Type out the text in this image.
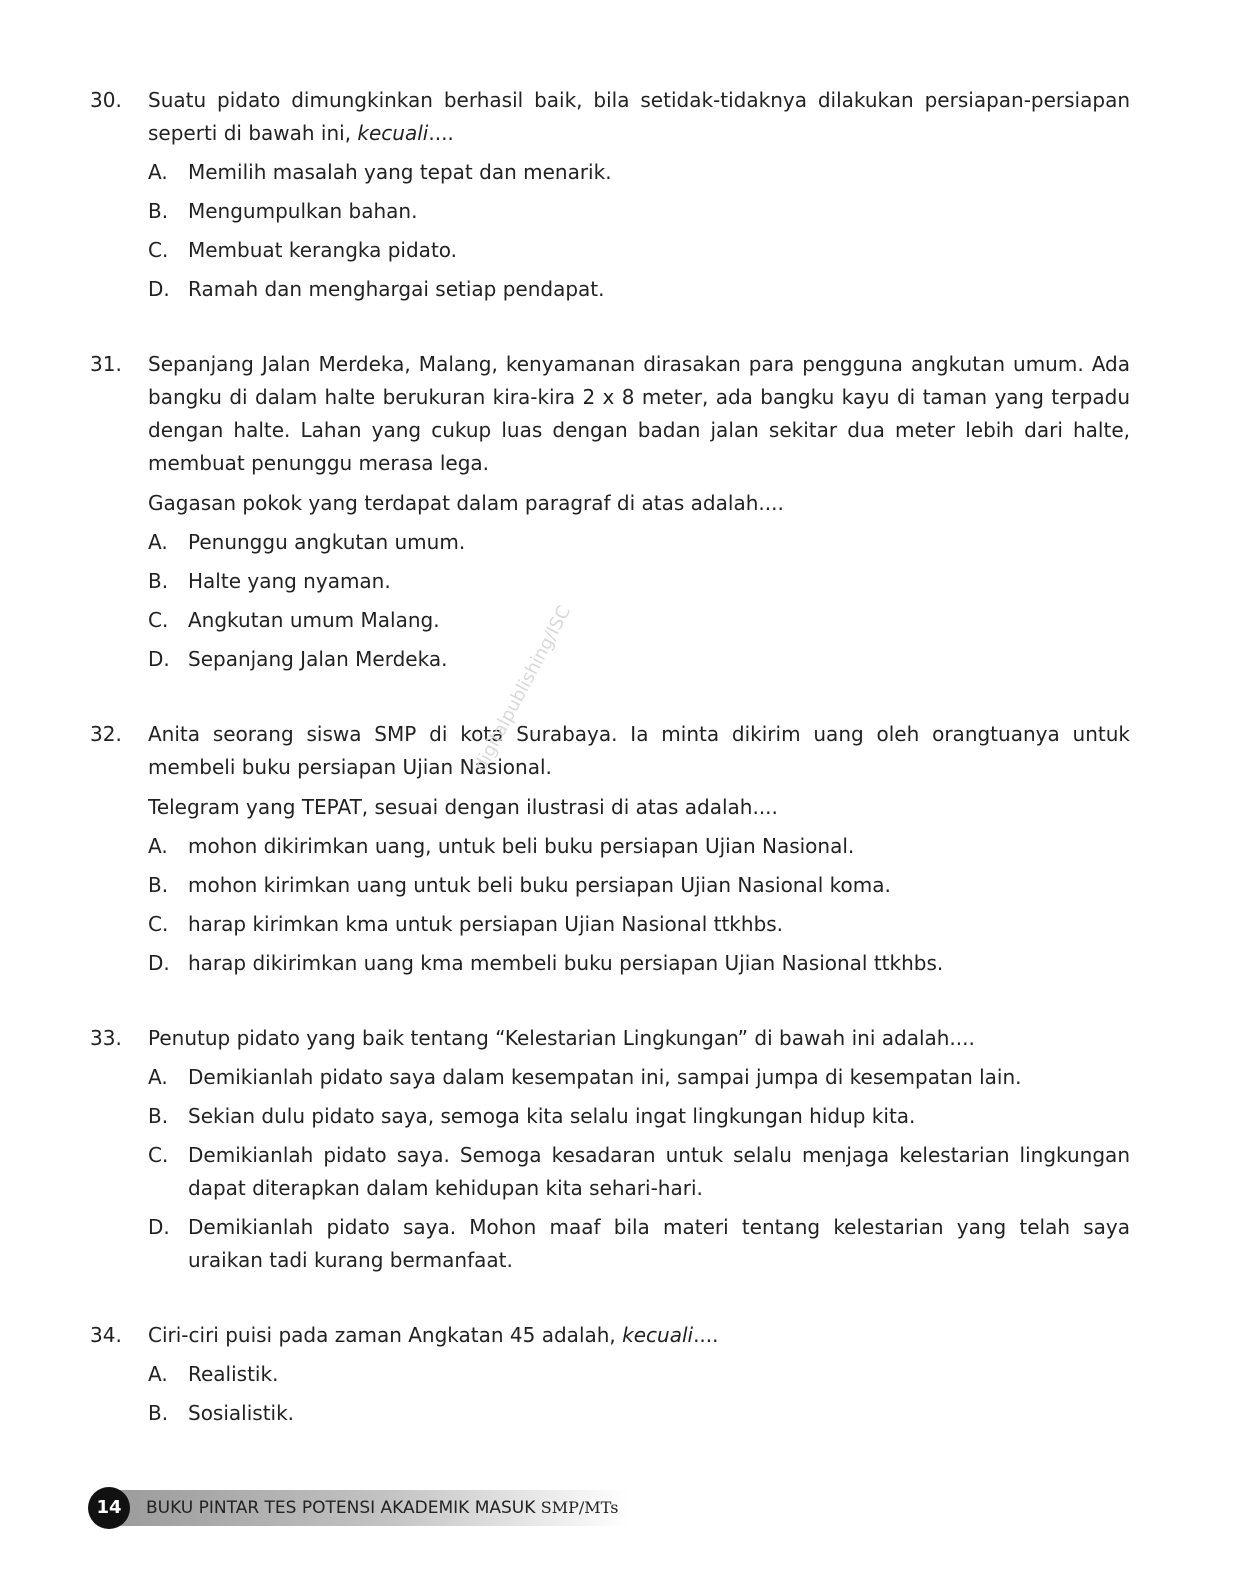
30.	Suatu pidato dimungkinkan berhasil baik, bila setidak-tidaknya dilakukan persiapan-persiapan seperti di bawah ini, kecuali....
A.	Memilih masalah yang tepat dan menarik.
B. Mengumpulkan bahan.
C. Membuat kerangka pidato.
D. Ramah dan menghargai setiap pendapat.
31.	Sepanjang Jalan Merdeka, Malang, kenyamanan dirasakan para pengguna angkutan umum. Ada bangku di dalam halte berukuran kira-kira 2 x 8 meter, ada bangku kayu di taman yang terpadu dengan halte. Lahan yang cukup luas dengan badan jalan sekitar dua meter lebih dari halte, membuat penunggu merasa lega.
Gagasan pokok yang terdapat dalam paragraf di atas adalah....
A.	Penunggu angkutan umum.
B. Halte yang nyaman.
C. Angkutan umum Malang.
D. Sepanjang Jalan Merdeka.
32.	Anita seorang siswa SMP di kota Surabaya. Ia minta dikirim uang oleh orangtuanya untuk membeli buku persiapan Ujian Nasional.
Telegram yang TEPAT, sesuai dengan ilustrasi di atas adalah....
A.	mohon dikirimkan uang, untuk beli buku persiapan Ujian Nasional.
B. mohon kirimkan uang untuk beli buku persiapan Ujian Nasional koma.
C. harap kirimkan kma untuk persiapan Ujian Nasional ttkhbs.
D. harap dikirimkan uang kma membeli buku persiapan Ujian Nasional ttkhbs.
33.	Penutup pidato yang baik tentang “Kelestarian Lingkungan” di bawah ini adalah....
A.	Demikianlah pidato saya dalam kesempatan ini, sampai jumpa di kesempatan lain.
B. Sekian dulu pidato saya, semoga kita selalu ingat lingkungan hidup kita.
C. Demikianlah pidato saya. Semoga kesadaran untuk selalu menjaga kelestarian lingkungan dapat diterapkan dalam kehidupan kita sehari-hari.
D. Demikianlah pidato saya. Mohon maaf bila materi tentang kelestarian yang telah saya uraikan tadi kurang bermanfaat.
34.	Ciri-ciri puisi pada zaman Angkatan 45 adalah, kecuali....
A.	Realistik.
B. Sosialistik.
digitalpublishing/ISC
14	BUKU PINTAR TES POTENSI AKADEMIK MASUK SMP/MTs
